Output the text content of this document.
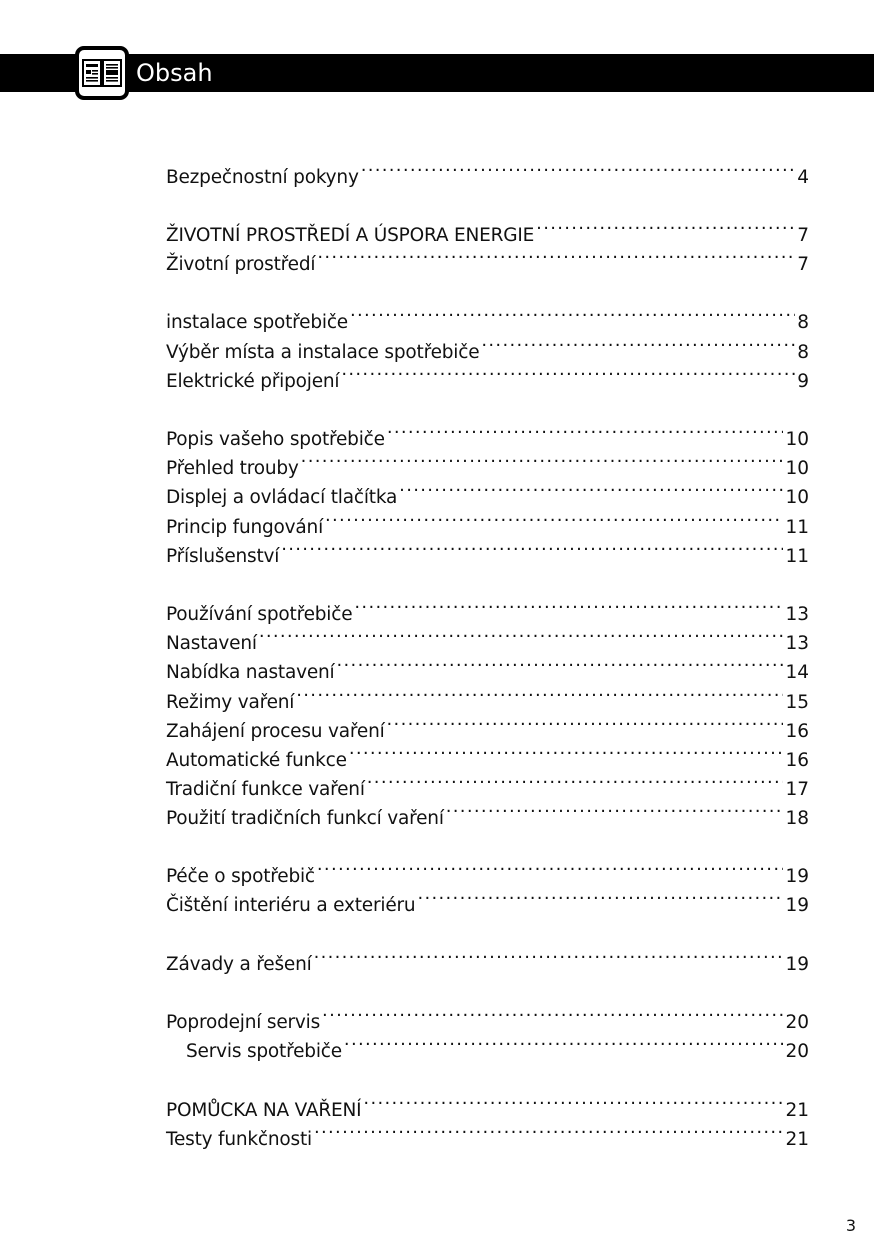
Obsah
Bezpečnostní pokyny .....	4
ŽIVOTNÍ PROSTŘEDÍ A ÚSPORA ENERGIE .....	7
Životní prostředí .....	7
instalace spotřebiče .....	8
Výběr místa a instalace spotřebiče .....	8
Elektrické připojení .....	9
Popis vašeho spotřebiče .....	10
Přehled trouby .....	10
Displej a ovládací tlačítka .....	10
Princip fungování .....	11
Příslušenství .....	11
Používání spotřebiče .....	13
Nastavení .....	13
Nabídka nastavení .....	14
Režimy vaření .....	15
Zahájení procesu vaření .....	16
Automatické funkce .....	16
Tradiční funkce vaření .....	17
Použití tradičních funkcí vaření .....	18
Péče o spotřebič .....	19
Čištění interiéru a exteriéru .....	19
Závady a řešení .....	19
Poprodejní servis .....	20
Servis spotřebiče .....	20
POMŮCKA NA VAŘENÍ .....	21
Testy funkčnosti .....	21
3
